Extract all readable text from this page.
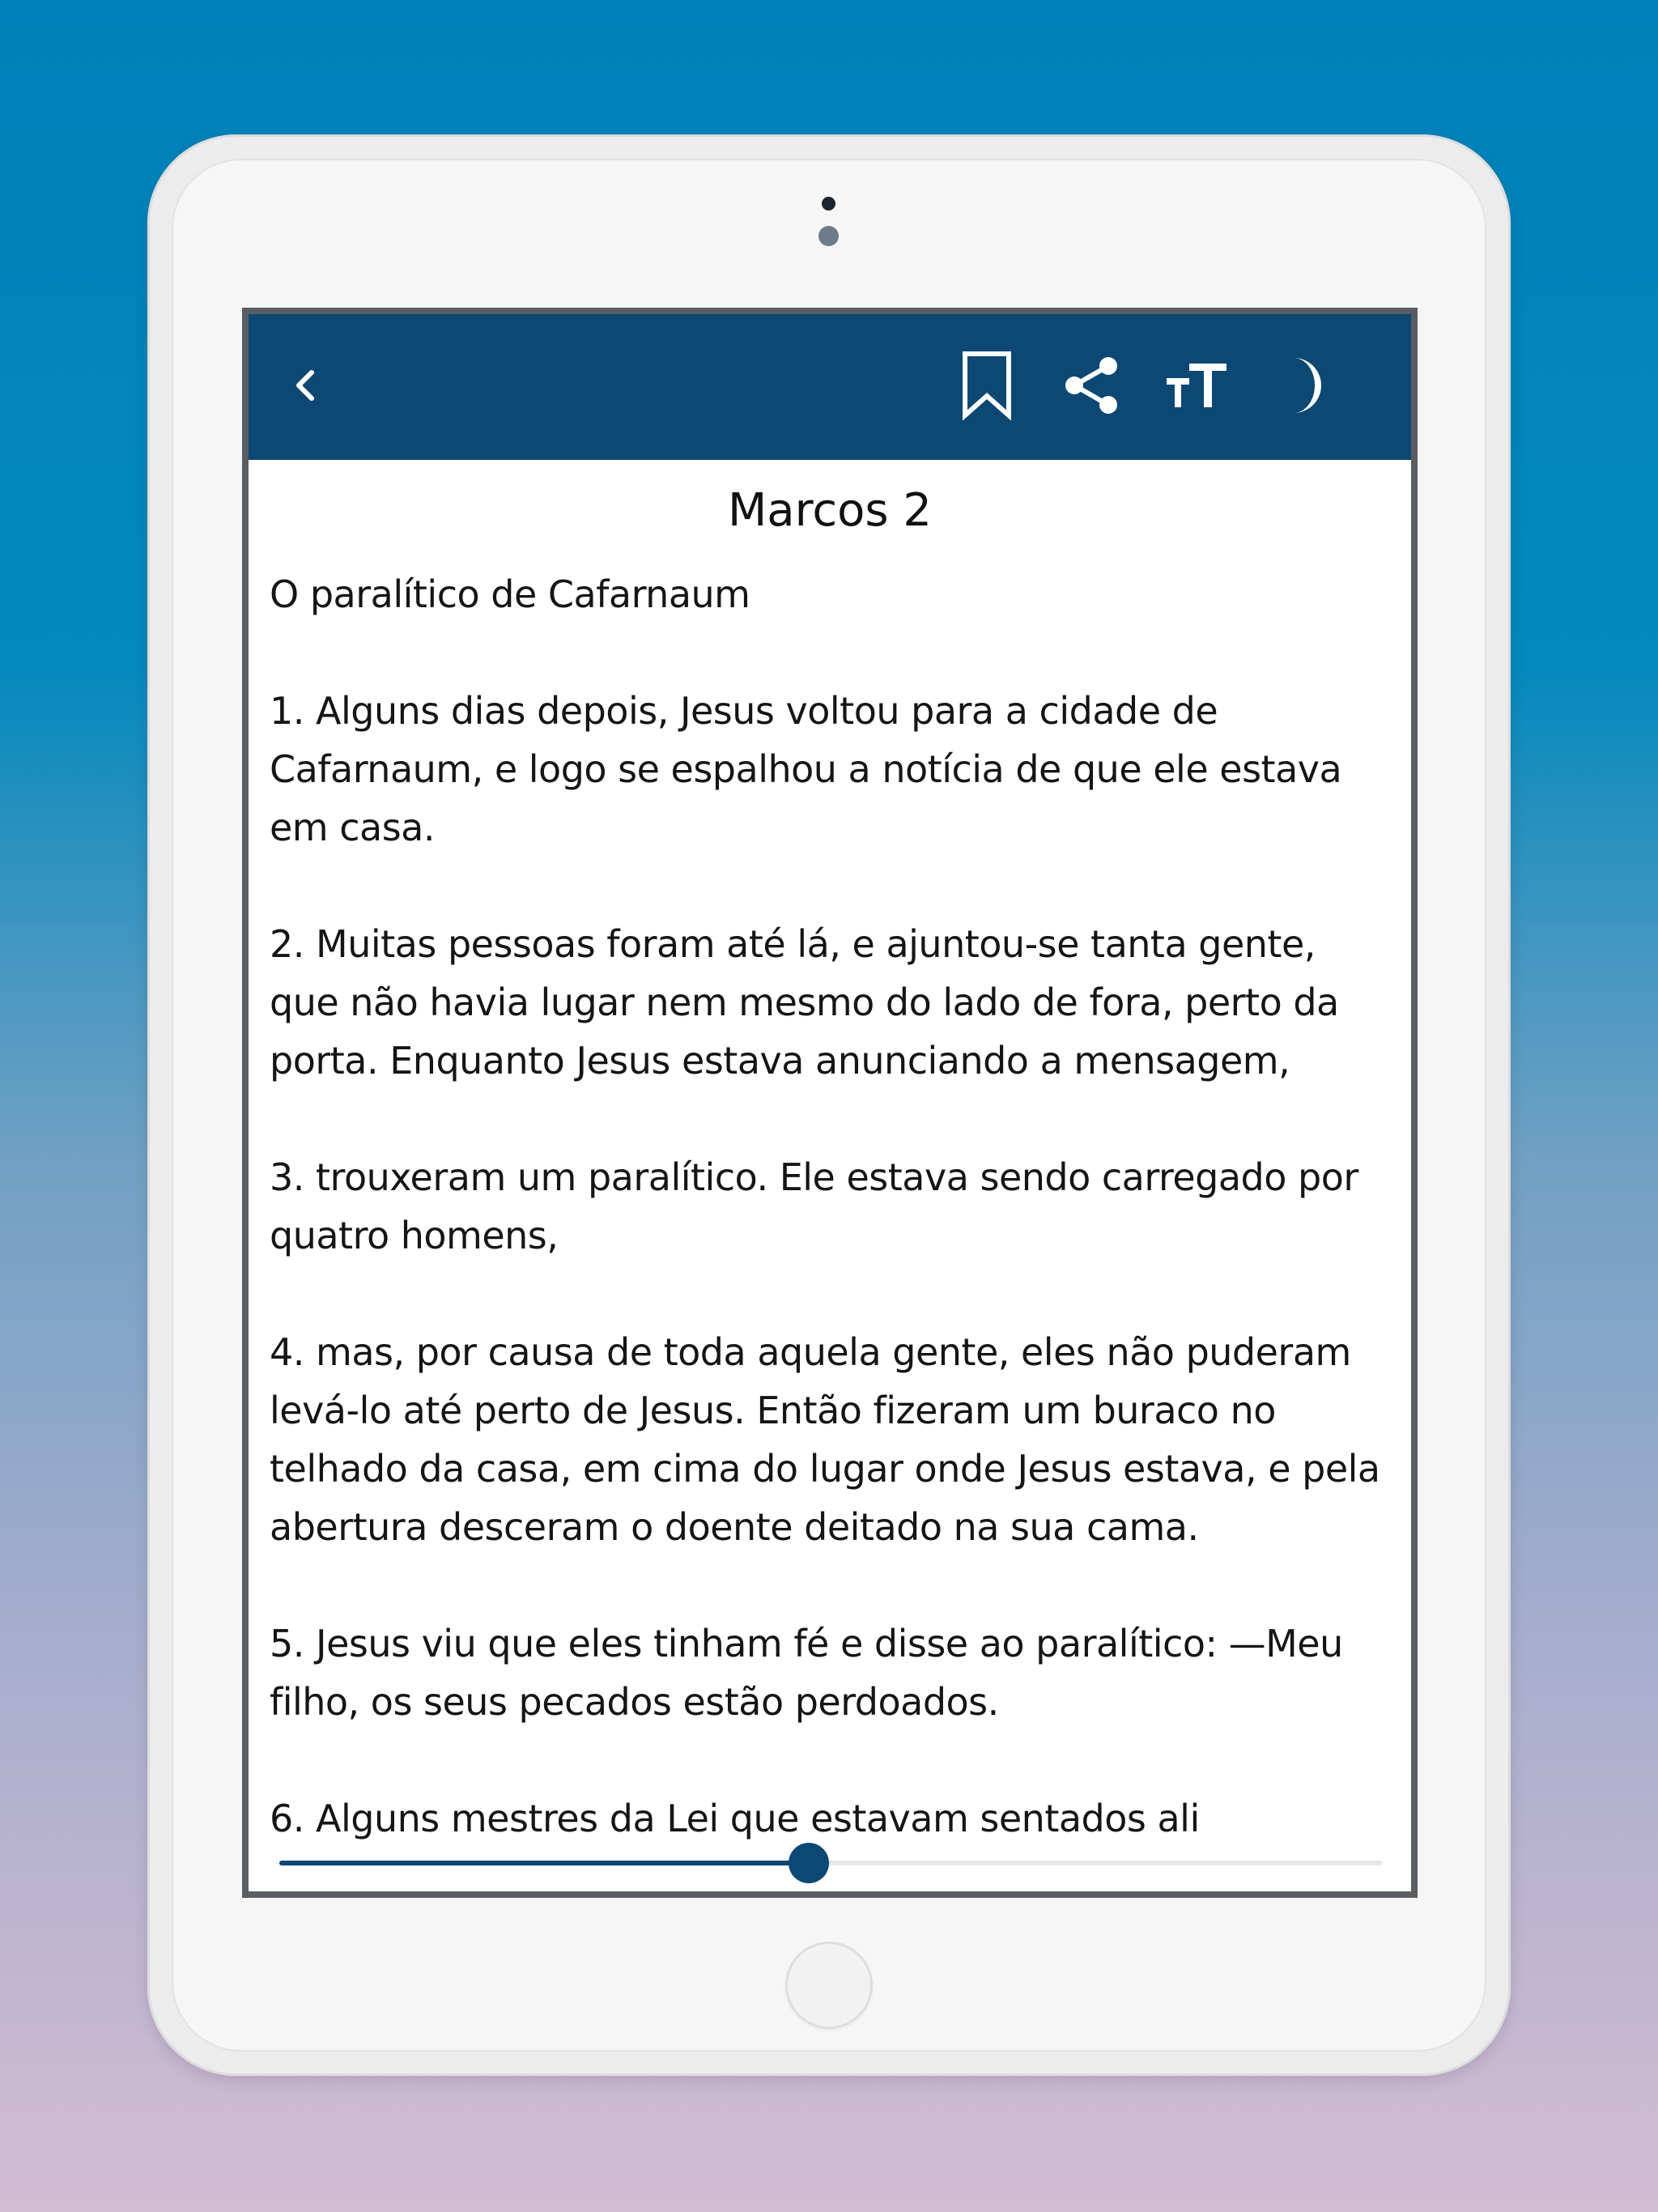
Marcos 2

O paralítico de Cafarnaum

1. Alguns dias depois, Jesus voltou para a cidade de Cafarnaum, e logo se espalhou a notícia de que ele estava em casa.

2. Muitas pessoas foram até lá, e ajuntou-se tanta gente, que não havia lugar nem mesmo do lado de fora, perto da porta. Enquanto Jesus estava anunciando a mensagem,

3. trouxeram um paralítico. Ele estava sendo carregado por quatro homens,

4. mas, por causa de toda aquela gente, eles não puderam levá-lo até perto de Jesus. Então fizeram um buraco no telhado da casa, em cima do lugar onde Jesus estava, e pela abertura desceram o doente deitado na sua cama.

5. Jesus viu que eles tinham fé e disse ao paralítico: —Meu filho, os seus pecados estão perdoados.

6. Alguns mestres da Lei que estavam sentados ali
